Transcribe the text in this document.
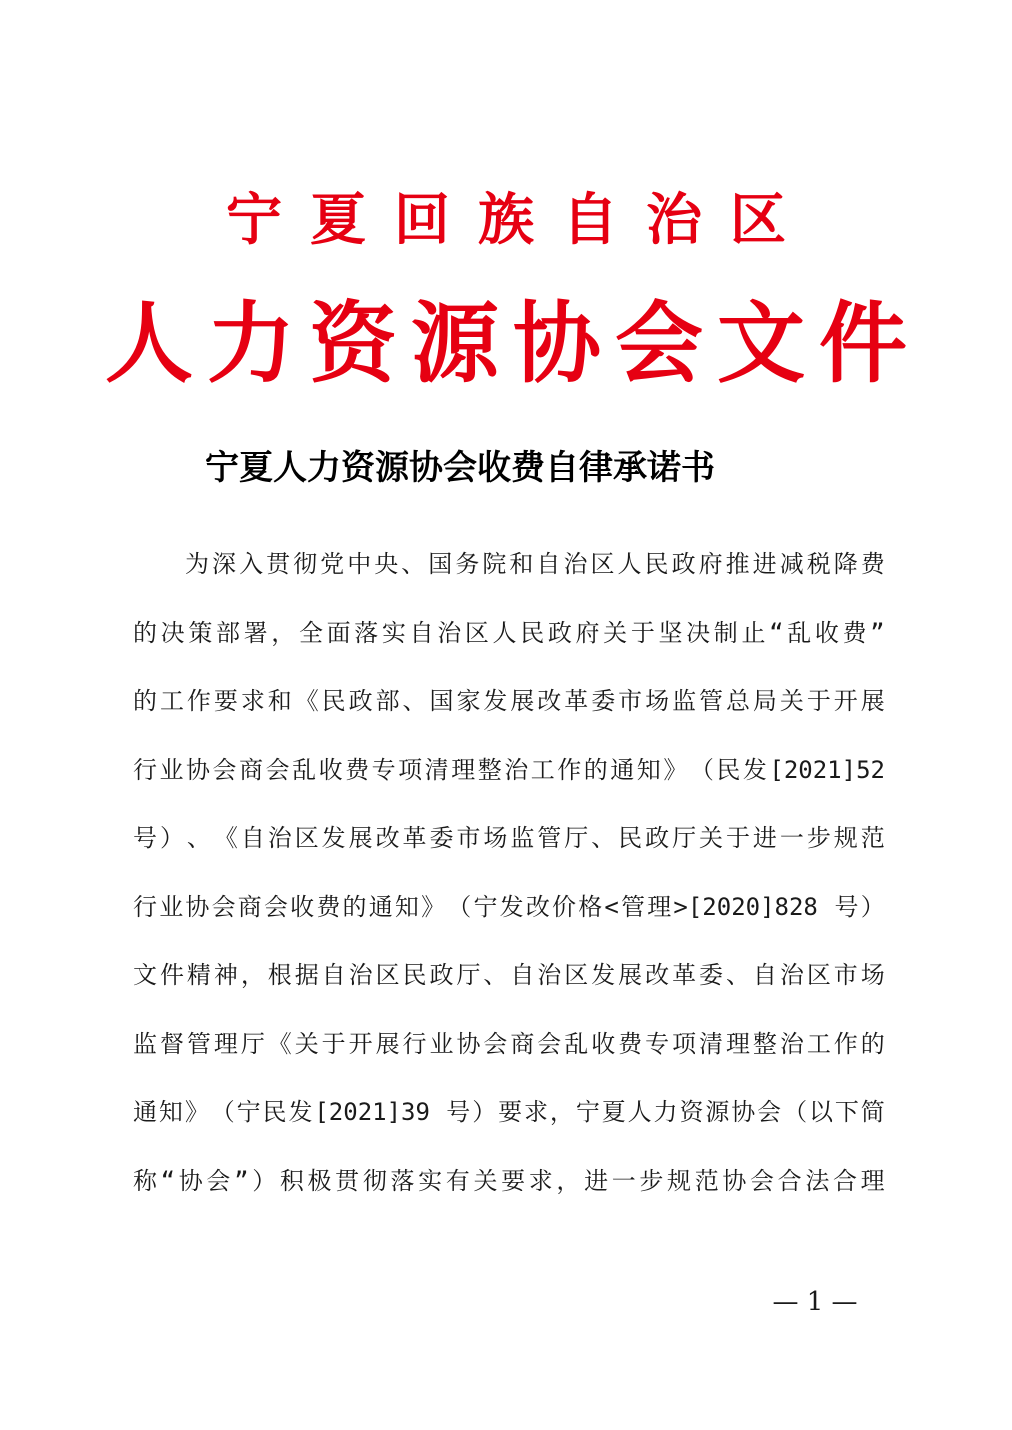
宁夏回族自治区
人力资源协会文件
宁夏人力资源协会收费自律承诺书
为 深 入 贯 彻 党 中 央 、 国 务 院 和 自 治 区 人 民 政 府 推 进 减 税 降 费
的 决 策 部 署 ， 全 面 落 实 自 治 区 人 民 政 府 关 于 坚 决 制 止 “ 乱 收 费 ”
的 工 作 要 求 和 《 民 政 部 、 国 家 发 展 改 革 委 市 场 监 管 总 局 关 于 开 展
行 业 协 会 商 会 乱 收 费 专 项 清 理 整 治 工 作 的 通 知 》 （ 民 发 [2021]52
号 ） 、 《 自 治 区 发 展 改 革 委 市 场 监 管 厅 、 民 政 厅 关 于 进 一 步 规 范
行 业 协 会 商 会 收 费 的 通 知 》 （ 宁 发 改 价 格 < 管 理 >[2020]828 号 ）
文 件 精 神 ， 根 据 自 治 区 民 政 厅 、 自 治 区 发 展 改 革 委 、 自 治 区 市 场
监 督 管 理 厅 《 关 于 开 展 行 业 协 会 商 会 乱 收 费 专 项 清 理 整 治 工 作 的
通 知 》 （ 宁 民 发 [2021]39 号 ） 要 求 ， 宁 夏 人 力 资 源 协 会 （ 以 下 简
称 “ 协 会 ” ） 积 极 贯 彻 落 实 有 关 要 求 ， 进 一 步 规 范 协 会 合 法 合 理
— 1 —
